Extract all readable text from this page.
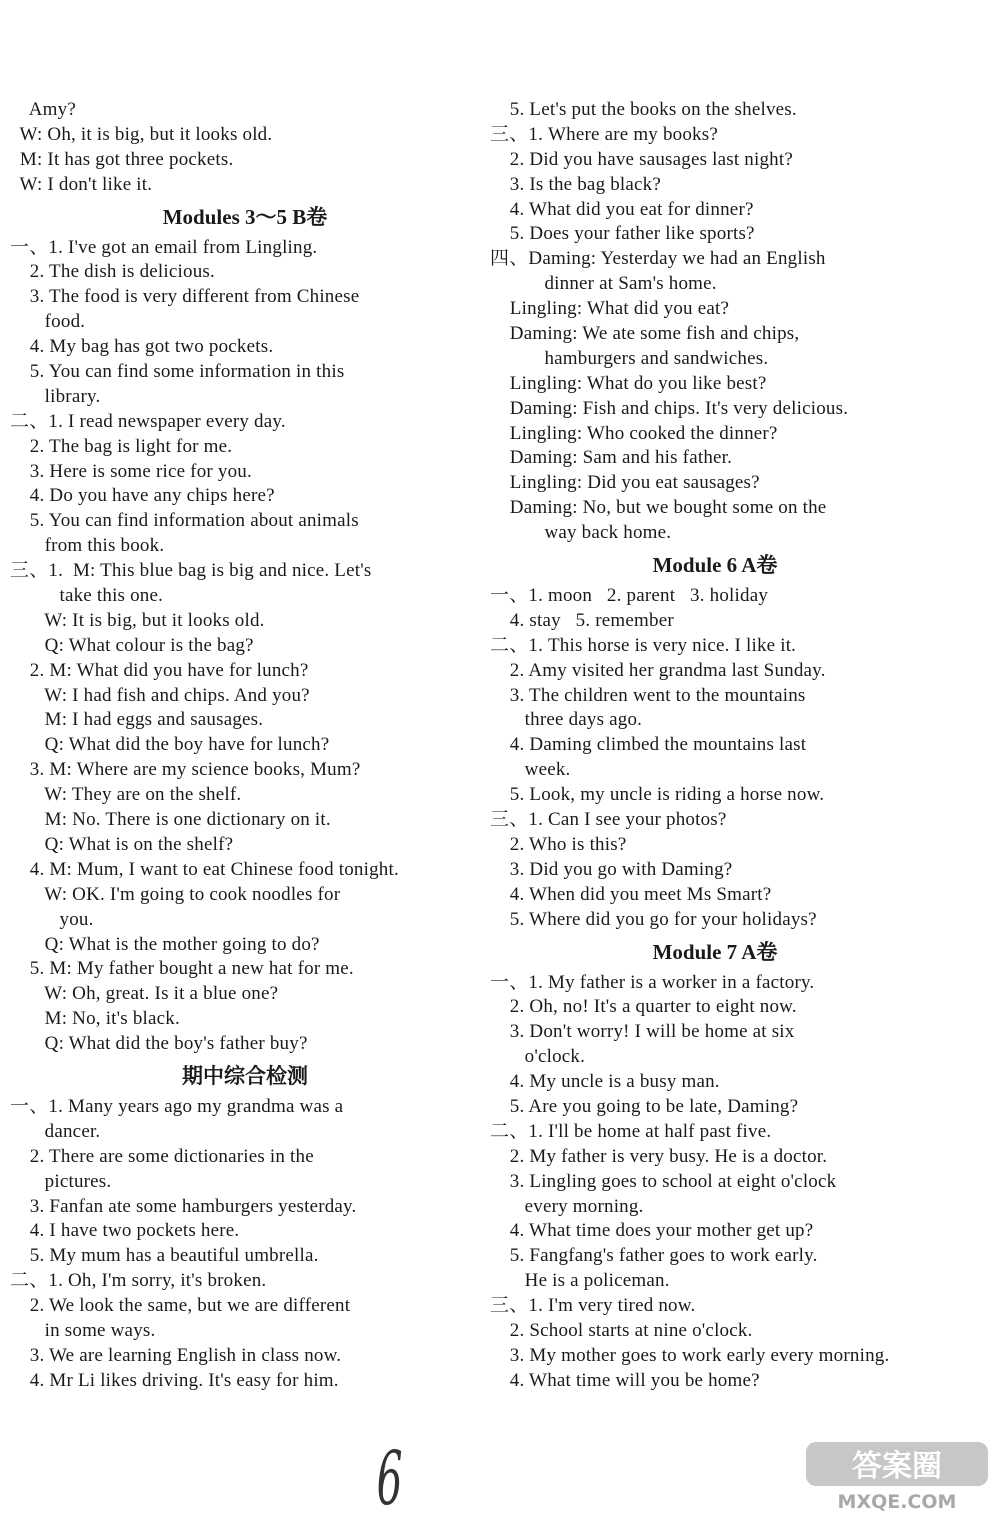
Amy?
W: Oh, it is big, but it looks old.
M: It has got three pockets.
W: I don't like it.
Modules 3～5 B卷
一、1. I've got an email from Lingling.
2. The dish is delicious.
3. The food is very different from Chinese
food.
4. My bag has got two pockets.
5. You can find some information in this
library.
二、1. I read newspaper every day.
2. The bag is light for me.
3. Here is some rice for you.
4. Do you have any chips here?
5. You can find information about animals
from this book.
三、1.  M: This blue bag is big and nice. Let's
take this one.
W: It is big, but it looks old.
Q: What colour is the bag?
2. M: What did you have for lunch?
W: I had fish and chips. And you?
M: I had eggs and sausages.
Q: What did the boy have for lunch?
3. M: Where are my science books, Mum?
W: They are on the shelf.
M: No. There is one dictionary on it.
Q: What is on the shelf?
4. M: Mum, I want to eat Chinese food tonight.
W: OK. I'm going to cook noodles for
you.
Q: What is the mother going to do?
5. M: My father bought a new hat for me.
W: Oh, great. Is it a blue one?
M: No, it's black.
Q: What did the boy's father buy?
期中综合检测
一、1. Many years ago my grandma was a
dancer.
2. There are some dictionaries in the
pictures.
3. Fanfan ate some hamburgers yesterday.
4. I have two pockets here.
5. My mum has a beautiful umbrella.
二、1. Oh, I'm sorry, it's broken.
2. We look the same, but we are different
in some ways.
3. We are learning English in class now.
4. Mr Li likes driving. It's easy for him.
5. Let's put the books on the shelves.
三、1. Where are my books?
2. Did you have sausages last night?
3. Is the bag black?
4. What did you eat for dinner?
5. Does your father like sports?
四、Daming: Yesterday we had an English
dinner at Sam's home.
Lingling: What did you eat?
Daming: We ate some fish and chips,
hamburgers and sandwiches.
Lingling: What do you like best?
Daming: Fish and chips. It's very delicious.
Lingling: Who cooked the dinner?
Daming: Sam and his father.
Lingling: Did you eat sausages?
Daming: No, but we bought some on the
way back home.
Module 6 A卷
一、1. moon   2. parent   3. holiday
4. stay   5. remember
二、1. This horse is very nice. I like it.
2. Amy visited her grandma last Sunday.
3. The children went to the mountains
three days ago.
4. Daming climbed the mountains last
week.
5. Look, my uncle is riding a horse now.
三、1. Can I see your photos?
2. Who is this?
3. Did you go with Daming?
4. When did you meet Ms Smart?
5. Where did you go for your holidays?
Module 7 A卷
一、1. My father is a worker in a factory.
2. Oh, no! It's a quarter to eight now.
3. Don't worry! I will be home at six
o'clock.
4. My uncle is a busy man.
5. Are you going to be late, Daming?
二、1. I'll be home at half past five.
2. My father is very busy. He is a doctor.
3. Lingling goes to school at eight o'clock
every morning.
4. What time does your mother get up?
5. Fangfang's father goes to work early.
He is a policeman.
三、1. I'm very tired now.
2. School starts at nine o'clock.
3. My mother goes to work early every morning.
4. What time will you be home?
6	答案圈
MXQE.COM
